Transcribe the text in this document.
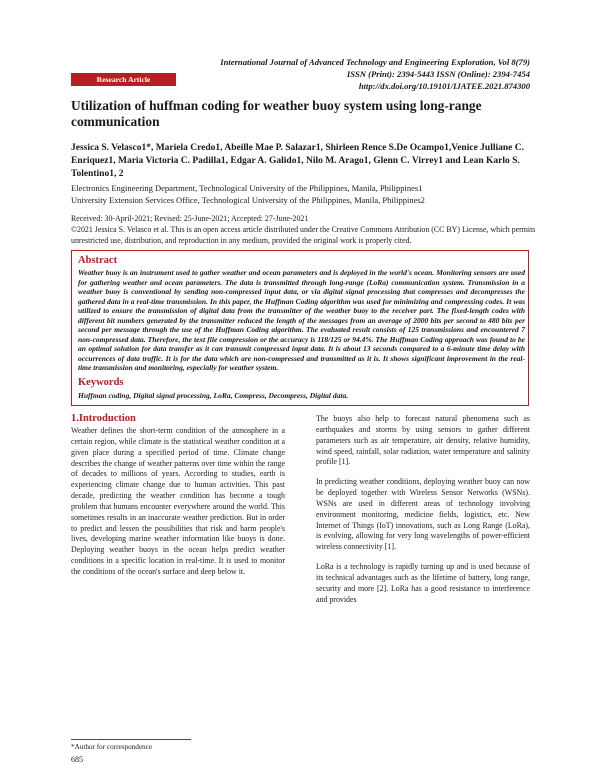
International Journal of Advanced Technology and Engineering Exploration, Vol 8(79)
ISSN (Print): 2394-5443 ISSN (Online): 2394-7454
http://dx.doi.org/10.19101/IJATEE.2021.874300
Research Article
Utilization of huffman coding for weather buoy system using long-range communication
Jessica S. Velasco1*, Mariela Credo1, Abeille Mae P. Salazar1, Shirleen Rence S.De Ocampo1,Venice Julliane C. Enriquez1, Maria Victoria C. Padilla1, Edgar A. Galido1, Nilo M. Arago1, Glenn C. Virrey1 and Lean Karlo S. Tolentino1, 2
Electronics Engineering Department, Technological University of the Philippines, Manila, Philippines1
University Extension Services Office, Technological University of the Philippines, Manila, Philippines2
Received: 30-April-2021; Revised: 25-June-2021; Accepted: 27-June-2021
©2021 Jessica S. Velasco et al. This is an open access article distributed under the Creative Commons Attribution (CC BY) License, which permits unrestricted use, distribution, and reproduction in any medium, provided the original work is properly cited.
Abstract
Weather buoy is an instrument used to gather weather and ocean parameters and is deployed in the world's ocean. Monitoring sensors are used for gathering weather and ocean parameters. The data is transmitted through long-range (LoRa) communication system. Transmission in a weather buoy is conventional by sending non-compressed input data, or via digital signal processing that compresses and decompresses the gathered data in a real-time transmission. In this paper, the Huffman Coding algorithm was used for minimizing and compressing codes. It was utilized to ensure the transmission of digital data from the transmitter of the weather buoy to the receiver part. The fixed-length codes with different bit numbers generated by the transmitter reduced the length of the messages from an average of 2000 bits per second to 480 bits per second per message through the use of the Huffman Coding algorithm. The evaluated result consists of 125 transmissions and encountered 7 non-compressed data. Therefore, the text file compression or the accuracy is 118/125 or 94.4%. The Huffman Coding approach was found to be an optimal solution for data transfer as it can transmit compressed input data. It is about 13 seconds compared to a 6-minute time delay with occurrences of data traffic. It is for the data which are non-compressed and transmitted as it is. It shows significant improvement in the real-time transmission and monitoring, especially for weather system.
Keywords
Huffman coding, Digital signal processing, LoRa, Compress, Decompress, Digital data.
1.Introduction

Weather defines the short-term condition of the atmosphere in a certain region, while climate is the statistical weather condition at a given place during a specified period of time. Climate change describes the change of weather patterns over time within the range of decades to millions of years. According to studies, earth is experiencing climate change due to human activities. This past decade, predicting the weather condition has become a tough problem that humans encounter everywhere around the world. This sometimes results in an inaccurate weather prediction. But in order to predict and lessen the possibilities that risk and harm people's lives, developing marine weather information like buoys is done. Deploying weather buoys in the ocean helps predict weather conditions in a specific location in real-time. It is used to monitor the conditions of the ocean's surface and deep below it.

The buoys also help to forecast natural phenomena such as earthquakes and storms by using sensors to gather different parameters such as air temperature, air density, relative humidity, wind speed, rainfall, solar radiation, water temperature and salinity profile [1].

In predicting weather conditions, deploying weather buoy can now be deployed together with Wireless Sensor Networks (WSNs). WSNs are used in different areas of technology involving environment monitoring, medicine fields, logistics, etc. New Internet of Things (IoT) innovations, such as Long Range (LoRa), is evolving, allowing for very long wavelengths of power-efficient wireless connectivity [1].

LoRa is a technology is rapidly turning up and is used because of its technical advantages such as the lifetime of battery, long range, security and more [2]. LoRa has a good resistance to interference and provides

*Author for correspondence
685
